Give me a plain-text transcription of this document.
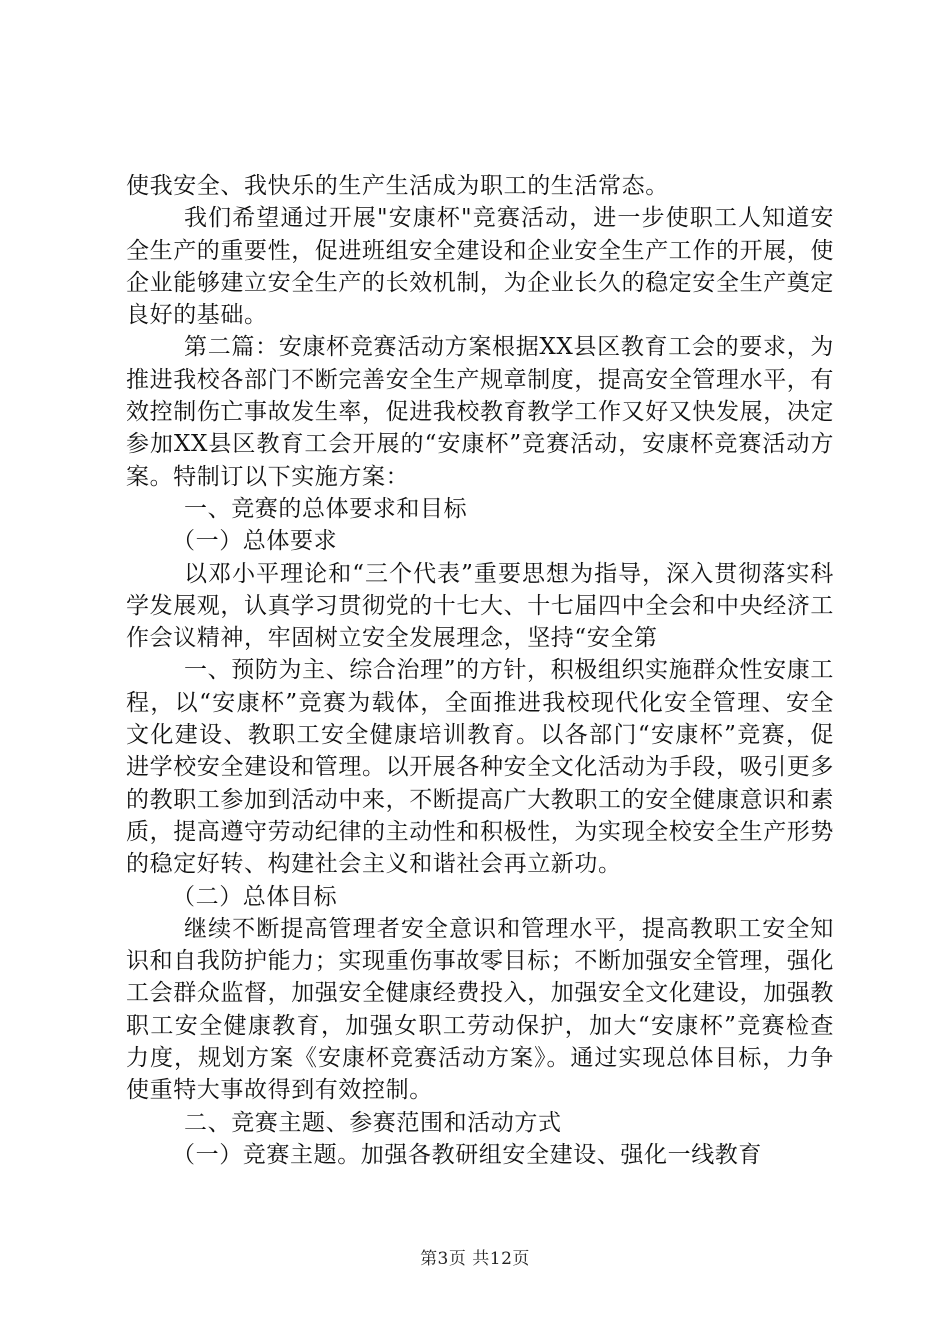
使我安全、我快乐的生产生活成为职工的生活常态。

我们希望通过开展"安康杯"竞赛活动，进一步使职工人知道安全生产的重要性，促进班组安全建设和企业安全生产工作的开展，使企业能够建立安全生产的长效机制，为企业长久的稳定安全生产奠定良好的基础。

第二篇：安康杯竞赛活动方案根据XX县区教育工会的要求，为推进我校各部门不断完善安全生产规章制度，提高安全管理水平，有效控制伤亡事故发生率，促进我校教育教学工作又好又快发展，决定参加XX县区教育工会开展的“安康杯”竞赛活动，安康杯竞赛活动方案。特制订以下实施方案：

一、竞赛的总体要求和目标

（一）总体要求

以邓小平理论和“三个代表”重要思想为指导，深入贯彻落实科学发展观，认真学习贯彻党的十七大、十七届四中全会和中央经济工作会议精神，牢固树立安全发展理念，坚持“安全第

一、预防为主、综合治理”的方针，积极组织实施群众性安康工程，以“安康杯”竞赛为载体，全面推进我校现代化安全管理、安全文化建设、教职工安全健康培训教育。以各部门“安康杯”竞赛，促进学校安全建设和管理。以开展各种安全文化活动为手段，吸引更多的教职工参加到活动中来，不断提高广大教职工的安全健康意识和素质，提高遵守劳动纪律的主动性和积极性，为实现全校安全生产形势的稳定好转、构建社会主义和谐社会再立新功。

（二）总体目标

继续不断提高管理者安全意识和管理水平，提高教职工安全知识和自我防护能力；实现重伤事故零目标；不断加强安全管理，强化工会群众监督，加强安全健康经费投入，加强安全文化建设，加强教职工安全健康教育，加强女职工劳动保护，加大“安康杯”竞赛检查力度，规划方案《安康杯竞赛活动方案》。通过实现总体目标，力争使重特大事故得到有效控制。

二、竞赛主题、参赛范围和活动方式

（一）竞赛主题。加强各教研组安全建设、强化一线教育

第3页 共12页
